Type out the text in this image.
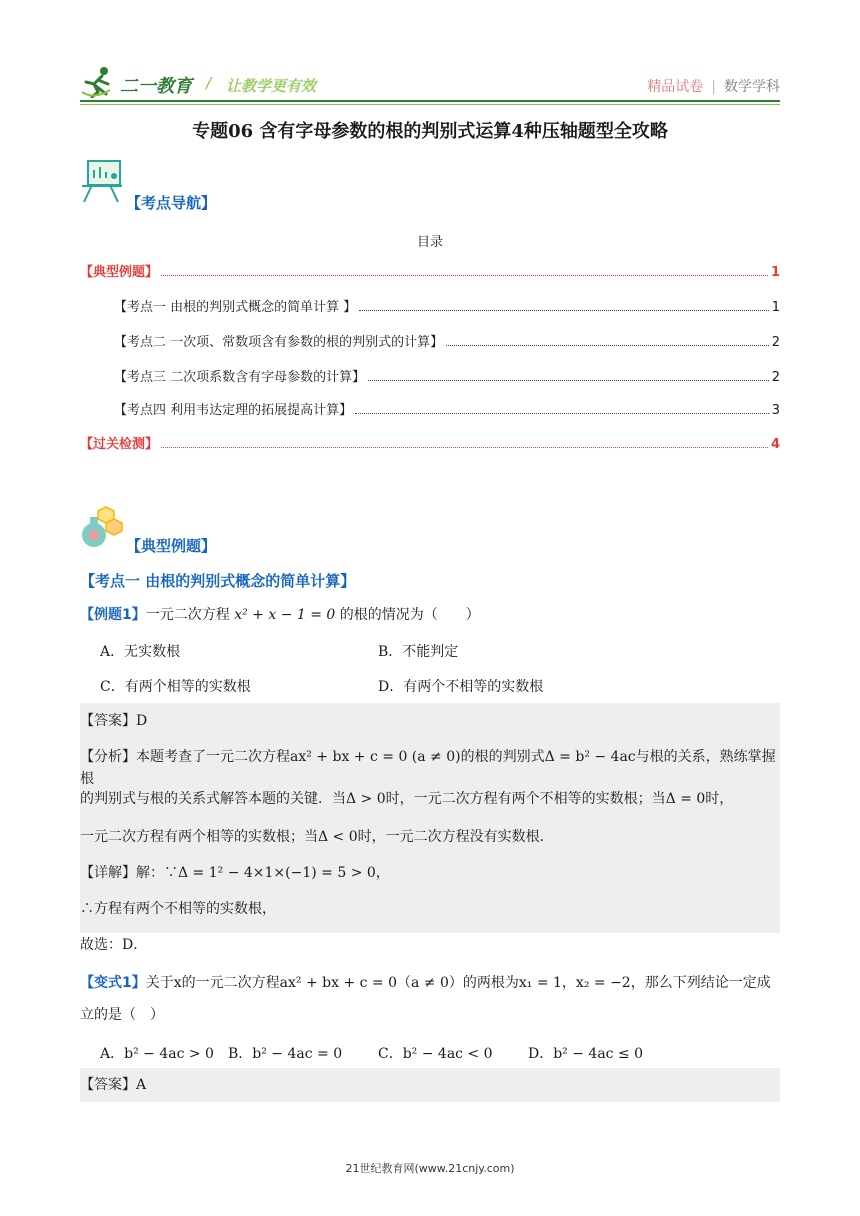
二一教育 / 让教学更有效	精品试卷 | 数学学科
专题06 含有字母参数的根的判别式运算4种压轴题型全攻略
【考点导航】
目录
【典型例题】	1
【考点一 由根的判别式概念的简单计算 】	1
【考点二 一次项、常数项含有参数的根的判别式的计算】	2
【考点三 二次项系数含有字母参数的计算】	2
【考点四 利用韦达定理的拓展提高计算】	3
【过关检测】	4
【典型例题】
【考点一 由根的判别式概念的简单计算】
【例题1】一元二次方程 x² + x − 1 = 0 的根的情况为（　　）
A．无实数根	B．不能判定
C．有两个相等的实数根	D．有两个不相等的实数根
【答案】D
【分析】本题考查了一元二次方程ax² + bx + c = 0 (a ≠ 0)的根的判别式Δ = b² − 4ac与根的关系，熟练掌握根
的判别式与根的关系式解答本题的关键．当Δ > 0时，一元二次方程有两个不相等的实数根；当Δ = 0时，
一元二次方程有两个相等的实数根；当Δ < 0时，一元二次方程没有实数根．
【详解】解：∵Δ = 1² − 4×1×(−1) = 5 > 0，
∴方程有两个不相等的实数根，
故选：D．
【变式1】关于x的一元二次方程ax² + bx + c = 0（a ≠ 0）的两根为x₁ = 1，x₂ = −2，那么下列结论一定成
立的是（　）
A．b² − 4ac > 0 B．b² − 4ac = 0	C．b² − 4ac < 0	D．b² − 4ac ≤ 0
【答案】A
21世纪教育网(www.21cnjy.com)
